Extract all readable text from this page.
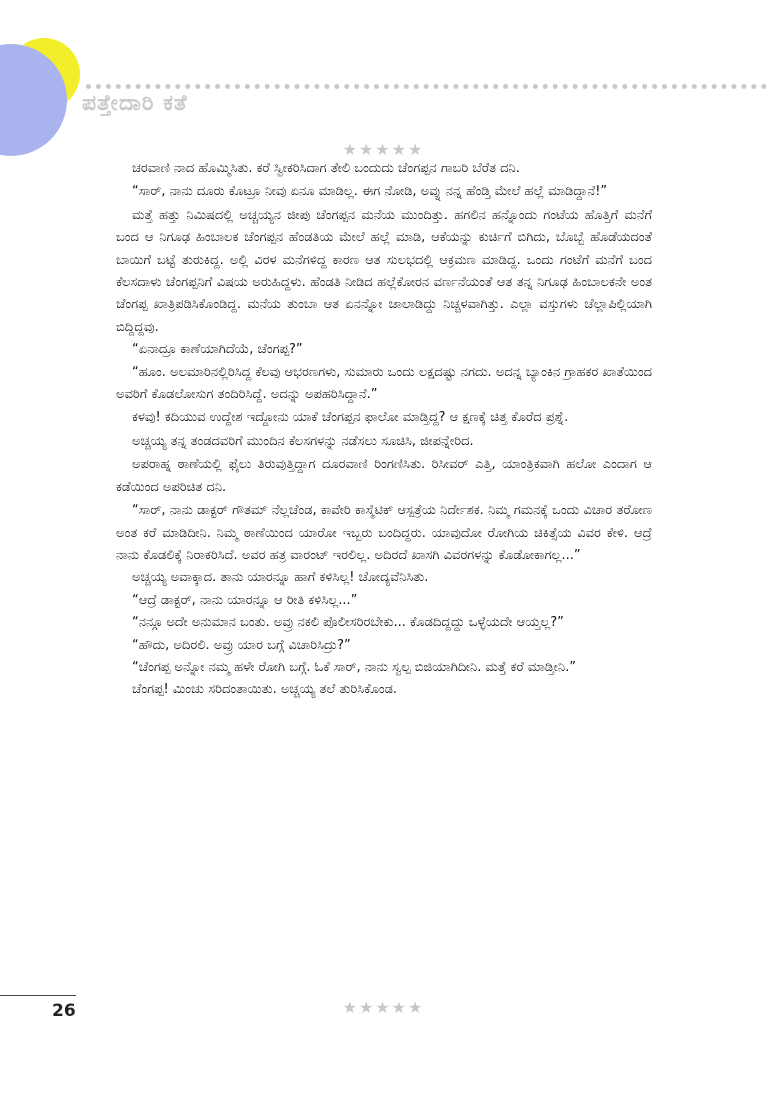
ಪತ್ತೇದಾರಿ ಕತೆ
★★★★★

ಚರವಾಣಿ ನಾದ ಹೊಮ್ಮಿಸಿತು. ಕರೆ ಸ್ವೀಕರಿಸಿದಾಗ ತೇಲಿ ಬಂದುದು ಚೆಂಗಪ್ಪನ ಗಾಬರಿ ಬೆರೆತ ದನಿ.

“ಸಾರ್, ನಾನು ದೂರು ಕೊಟ್ರೂ ನೀವು ಏನೂ ಮಾಡಿಲ್ಲ. ಈಗ ನೋಡಿ, ಅವ್ನು ನನ್ನ ಹೆಂಡ್ತಿ ಮೇಲೆ ಹಲ್ಲೆ ಮಾಡಿದ್ದಾನೆ!”

ಮತ್ತೆ ಹತ್ತು ನಿಮಿಷದಲ್ಲಿ ಅಚ್ಚಯ್ಯನ ಜೀಪು ಚೆಂಗಪ್ಪನ ಮನೆಯ ಮುಂದಿತ್ತು. ಹಗಲಿನ ಹನ್ನೊಂದು ಗಂಟೆಯ ಹೊತ್ತಿಗೆ ಮನೆಗೆ ಬಂದ ಆ ನಿಗೂಢ ಹಿಂಬಾಲಕ ಚೆಂಗಪ್ಪನ ಹೆಂಡತಿಯ ಮೇಲೆ ಹಲ್ಲೆ ಮಾಡಿ, ಆಕೆಯನ್ನು ಕುರ್ಚಿಗೆ ಬಿಗಿದು, ಬೊಬ್ಬೆ ಹೊಡೆಯದಂತೆ ಬಾಯಿಗೆ ಬಟ್ಟೆ ತುರುಕಿದ್ದ. ಅಲ್ಲಿ ವಿರಳ ಮನೆಗಳಿದ್ದ ಕಾರಣ ಆತ ಸುಲಭದಲ್ಲಿ ಆಕ್ರಮಣ ಮಾಡಿದ್ದ. ಒಂದು ಗಂಟೆಗೆ ಮನೆಗೆ ಬಂದ ಕೆಲಸದಾಳು ಚೆಂಗಪ್ಪನಿಗೆ ವಿಷಯ ಅರುಹಿದ್ದಳು. ಹೆಂಡತಿ ನೀಡಿದ ಹಲ್ಲೆಕೋರನ ವರ್ಣನೆಯಂತೆ ಆತ ತನ್ನ ನಿಗೂಢ ಹಿಂಬಾಲಕನೇ ಅಂತ ಚೆಂಗಪ್ಪ ಖಾತ್ರಿಪಡಿಸಿಕೊಂಡಿದ್ದ. ಮನೆಯ ತುಂಬಾ ಆತ ಏನನ್ನೋ ಜಾಲಾಡಿದ್ದು ನಿಚ್ಚಳವಾಗಿತ್ತು. ಎಲ್ಲಾ ವಸ್ತುಗಳು ಚೆಲ್ಲಾಪಿಲ್ಲಿಯಾಗಿ ಬಿದ್ದಿದ್ದವು.

“ಏನಾದ್ರೂ ಕಾಣೆಯಾಗಿದೆಯೆ, ಚೆಂಗಪ್ಪ?”

“ಹೂಂ. ಅಲಮಾರಿನಲ್ಲಿರಿಸಿದ್ದ ಕೆಲವು ಆಭರಣಗಳು, ಸುಮಾರು ಒಂದು ಲಕ್ಷದಷ್ಟು ನಗದು. ಅದನ್ನ ಬ್ಯಾಂಕಿನ ಗ್ರಾಹಕರ ಖಾತೆಯಿಂದ ಅವರಿಗೆ ಕೊಡಲೋಸುಗ ತಂದಿರಿಸಿದ್ದೆ. ಅದನ್ನು ಅಪಹರಿಸಿದ್ದಾನೆ.”

ಕಳವು! ಕದಿಯುವ ಉದ್ದೇಶ ಇದ್ದೋನು ಯಾಕೆ ಚೆಂಗಪ್ಪನ ಫಾಲೋ ಮಾಡ್ತಿದ್ದ? ಆ ಕ್ಷಣಕ್ಕೆ ಚಿತ್ತ ಕೊರೆದ ಪ್ರಶ್ನೆ.

ಅಚ್ಚಯ್ಯ ತನ್ನ ತಂಡದವರಿಗೆ ಮುಂದಿನ ಕೆಲಸಗಳನ್ನು ನಡೆಸಲು ಸೂಚಿಸಿ, ಜೀಪನ್ನೇರಿದ.

ಅಪರಾಹ್ನ ಠಾಣೆಯಲ್ಲಿ ಫೈಲು ತಿರುವುತ್ತಿದ್ದಾಗ ದೂರವಾಣಿ ರಿಂಗಣಿಸಿತು. ರಿಸೀವರ್ ಎತ್ತಿ, ಯಾಂತ್ರಿಕವಾಗಿ ಹಲೋ ಎಂದಾಗ ಆ ಕಡೆಯಿಂದ ಅಪರಿಚಿತ ದನಿ.

“ಸಾರ್, ನಾನು ಡಾಕ್ಟರ್ ಗೌತಮ್ ನೆಲ್ಲಚೆಂಡ, ಕಾವೇರಿ ಕಾಸ್ಮೆಟಿಕ್ ಆಸ್ಪತ್ರೆಯ ನಿರ್ದೇಶಕ. ನಿಮ್ಮ ಗಮನಕ್ಕೆ ಒಂದು ವಿಚಾರ ತರೋಣ ಅಂತ ಕರೆ ಮಾಡಿದೀನಿ. ನಿಮ್ಮ ಠಾಣೆಯಿಂದ ಯಾರೋ ಇಬ್ಬರು ಬಂದಿದ್ದರು. ಯಾವುದೋ ರೋಗಿಯ ಚಿಕಿತ್ಸೆಯ ವಿವರ ಕೇಳಿ. ಆದ್ರೆ ನಾನು ಕೊಡಲಿಕ್ಕೆ ನಿರಾಕರಿಸಿದೆ. ಅವರ ಹತ್ರ ವಾರಂಟ್ ಇರಲಿಲ್ಲ. ಅದಿರದೆ ಖಾಸಗಿ ವಿವರಗಳನ್ನು ಕೊಡೋಕಾಗಲ್ಲ...”

ಅಚ್ಚಯ್ಯ ಅವಾಕ್ಕಾದ. ತಾನು ಯಾರನ್ನೂ ಹಾಗೆ ಕಳಿಸಿಲ್ಲ! ಚೋದ್ಯವೆನಿಸಿತು.

“ಆದ್ರೆ ಡಾಕ್ಟರ್, ನಾನು ಯಾರನ್ನೂ ಆ ರೀತಿ ಕಳಿಸಿಲ್ಲ...”

“ನನ್ಗೂ ಅದೇ ಅನುಮಾನ ಬಂತು. ಅವ್ರು ನಕಲಿ ಪೊಲೀಸರಿರಬೇಕು... ಕೊಡದಿದ್ದದ್ದು ಒಳ್ಳೆಯದೇ ಆಯ್ತಲ್ಲ?”

“ಹೌದು, ಅದಿರಲಿ. ಅವ್ರು ಯಾರ ಬಗ್ಗೆ ವಿಚಾರಿಸಿದ್ರು?”

“ಚೆಂಗಪ್ಪ ಅನ್ನೋ ನಮ್ಮ ಹಳೇ ರೋಗಿ ಬಗ್ಗೆ. ಓಕೆ ಸಾರ್, ನಾನು ಸ್ವಲ್ಪ ಬಿಜಿಯಾಗಿದೀನಿ. ಮತ್ತೆ ಕರೆ ಮಾಡ್ತೀನಿ.”

ಚೆಂಗಪ್ಪ! ಮಿಂಚು ಸರಿದಂತಾಯಿತು. ಅಚ್ಚಯ್ಯ ತಲೆ ತುರಿಸಿಕೊಂಡ.

26	★★★★★
